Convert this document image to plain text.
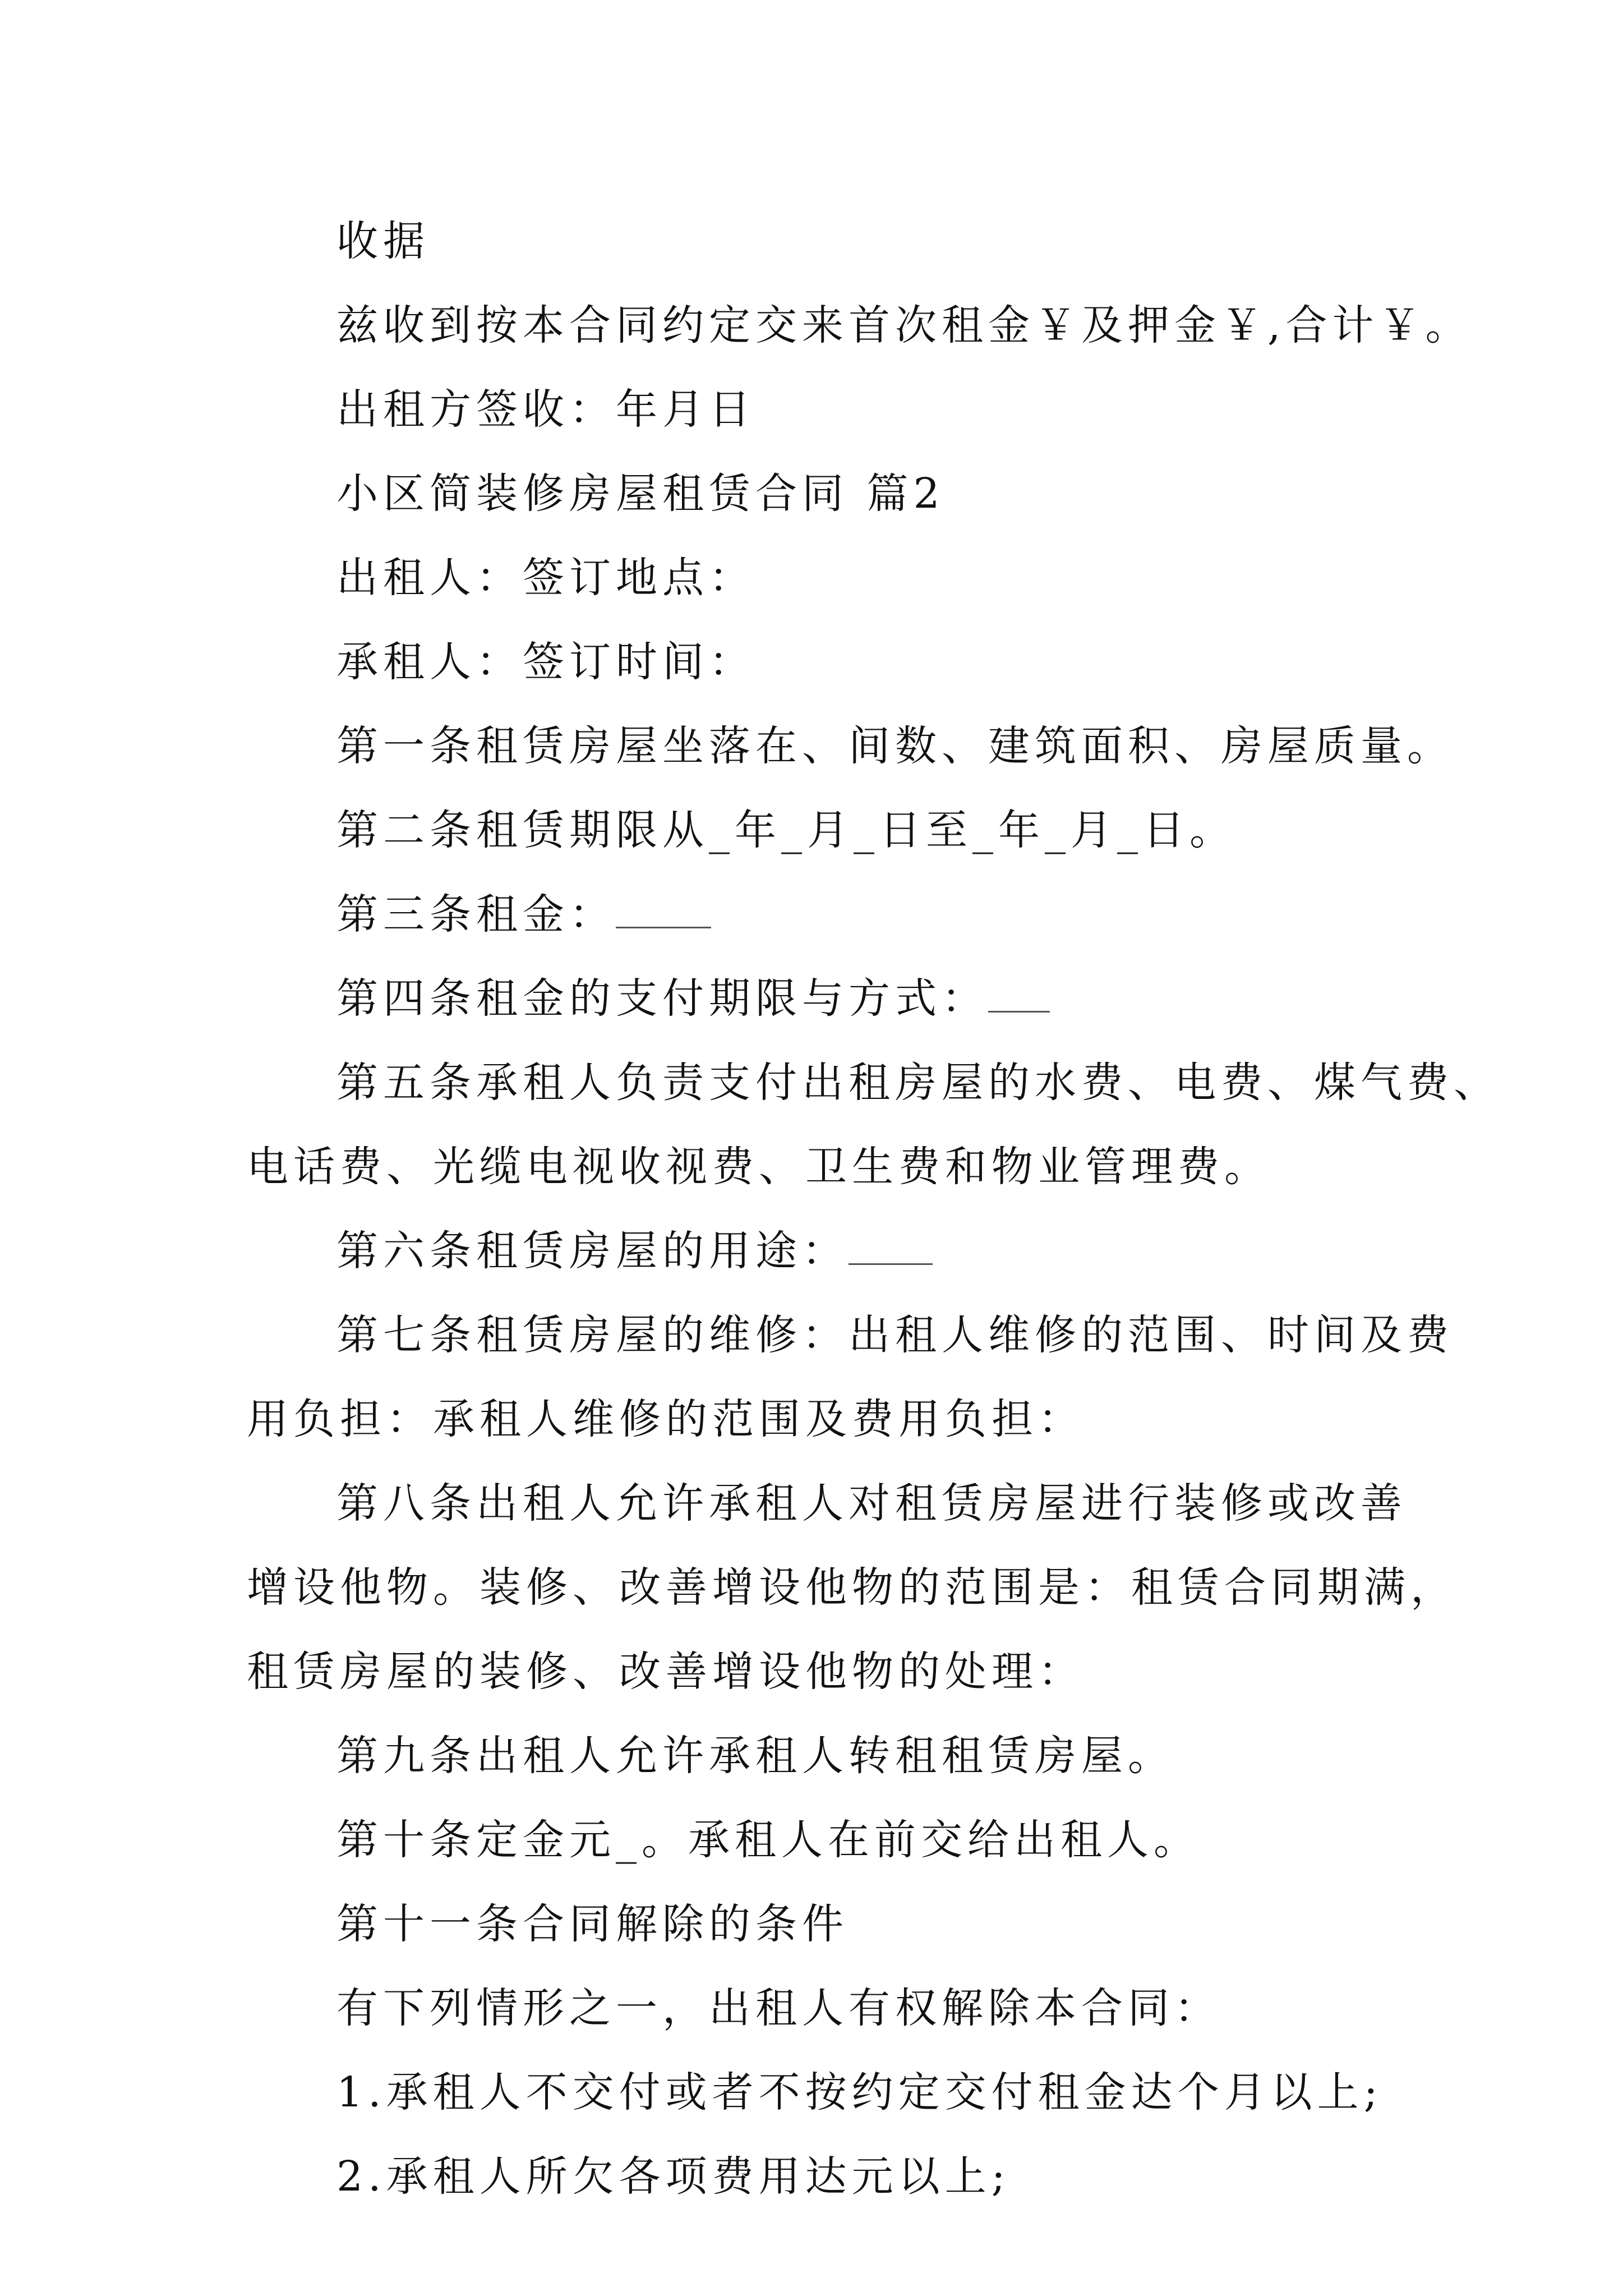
收据
兹收到按本合同约定交来首次租金￥及押金￥,合计￥。
出租方签收：年月日
小区简装修房屋租赁合同 篇2
出租人：签订地点：
承租人：签订时间：
第一条租赁房屋坐落在、间数、建筑面积、房屋质量。
第二条租赁期限从_年_月_日至_年_月_日。
第三条租金：
第四条租金的支付期限与方式：
第五条承租人负责支付出租房屋的水费、电费、煤气费、
电话费、光缆电视收视费、卫生费和物业管理费。
第六条租赁房屋的用途：
第七条租赁房屋的维修：出租人维修的范围、时间及费
用负担：承租人维修的范围及费用负担：
第八条出租人允许承租人对租赁房屋进行装修或改善
增设他物。装修、改善增设他物的范围是：租赁合同期满，
租赁房屋的装修、改善增设他物的处理：
第九条出租人允许承租人转租租赁房屋。
第十条定金元_。承租人在前交给出租人。
第十一条合同解除的条件
有下列情形之一，出租人有权解除本合同：
1.承租人不交付或者不按约定交付租金达个月以上;
2.承租人所欠各项费用达元以上;
